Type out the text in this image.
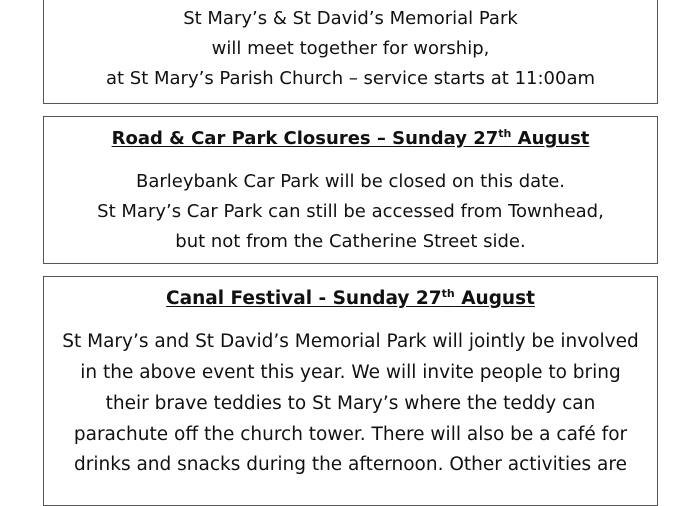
St Mary’s & St David’s Memorial Park
will meet together for worship,
at St Mary’s Parish Church – service starts at 11:00am
Road & Car Park Closures – Sunday 27th August
Barleybank Car Park will be closed on this date.
St Mary’s Car Park can still be accessed from Townhead,
but not from the Catherine Street side.
Canal Festival - Sunday 27th August
St Mary’s and St David’s Memorial Park will jointly be involved
in the above event this year. We will invite people to bring
their brave teddies to St Mary’s where the teddy can
parachute off the church tower. There will also be a café for
drinks and snacks during the afternoon. Other activities are
